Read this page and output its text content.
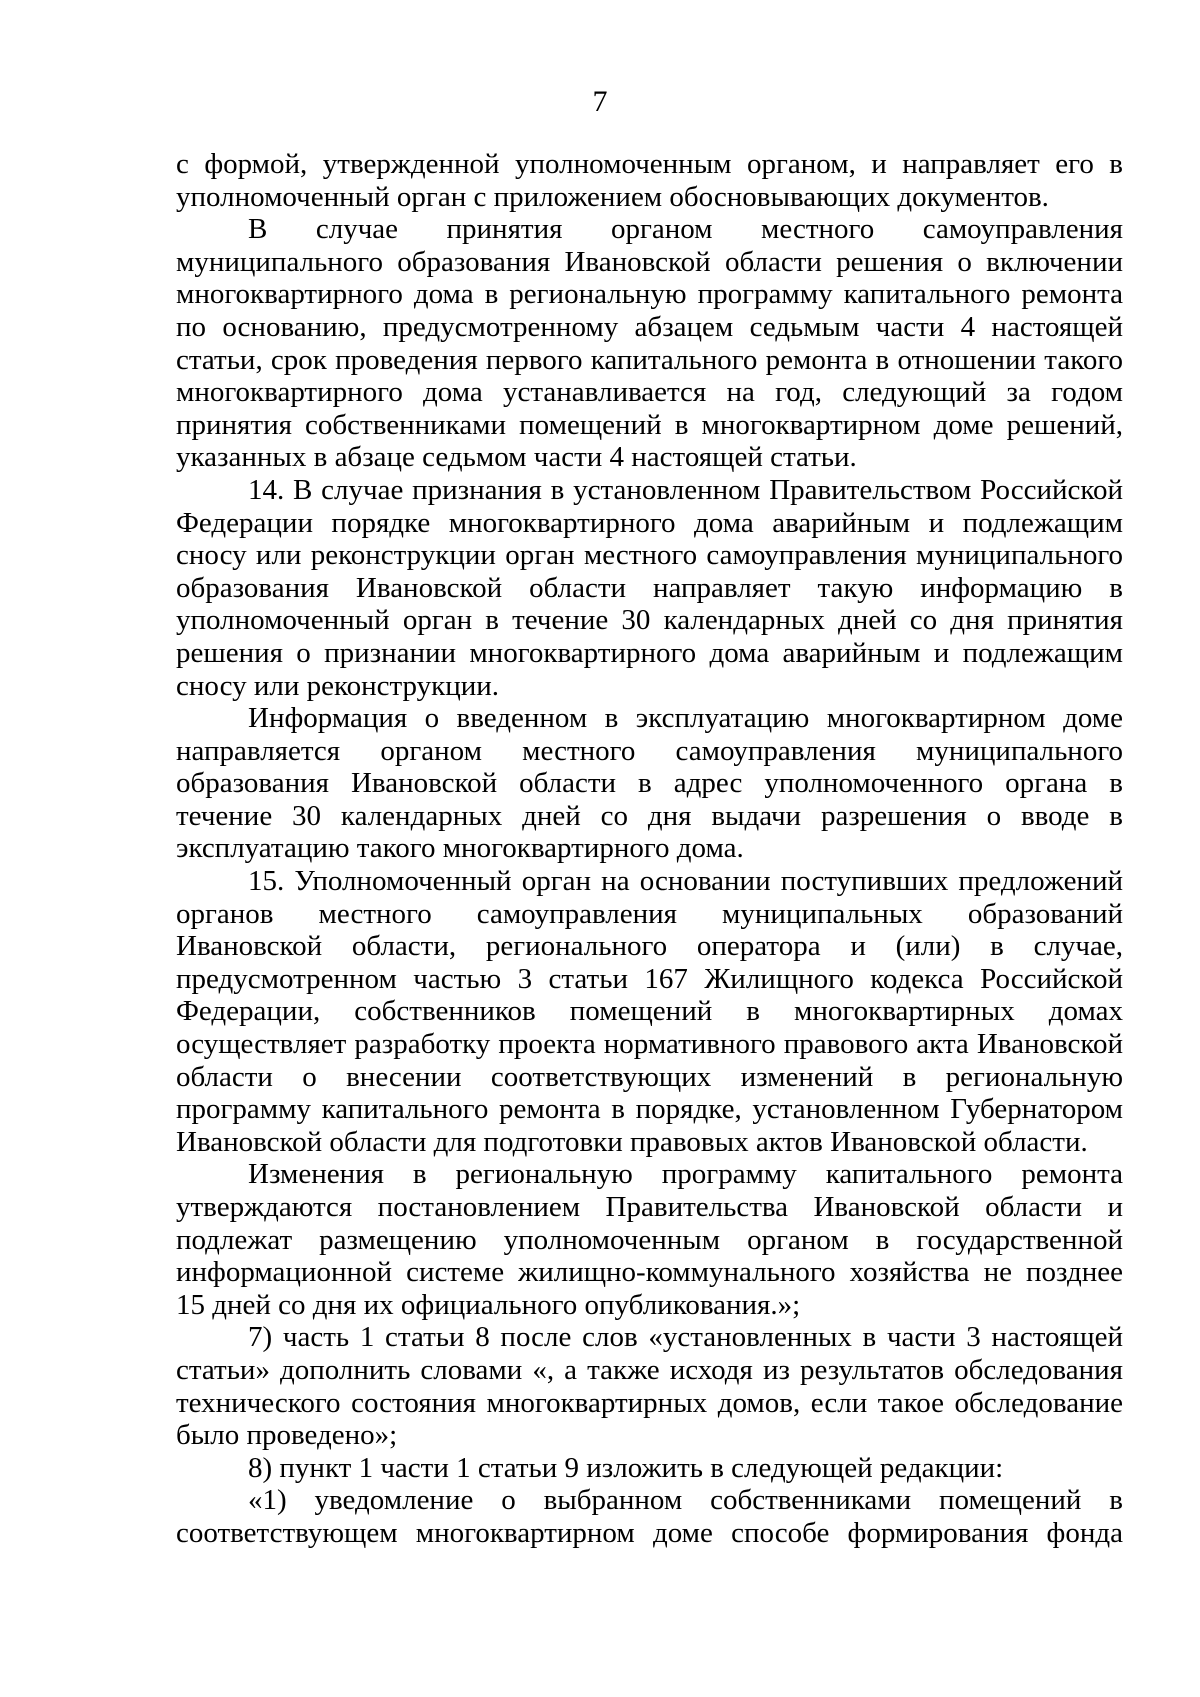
7

с формой, утвержденной уполномоченным органом, и направляет его в уполномоченный орган с приложением обосновывающих документов.

В случае принятия органом местного самоуправления муниципального образования Ивановской области решения о включении многоквартирного дома в региональную программу капитального ремонта по основанию, предусмотренному абзацем седьмым части 4 настоящей статьи, срок проведения первого капитального ремонта в отношении такого многоквартирного дома устанавливается на год, следующий за годом принятия собственниками помещений в многоквартирном доме решений, указанных в абзаце седьмом части 4 настоящей статьи.

14. В случае признания в установленном Правительством Российской Федерации порядке многоквартирного дома аварийным и подлежащим сносу или реконструкции орган местного самоуправления муниципального образования Ивановской области направляет такую информацию в уполномоченный орган в течение 30 календарных дней со дня принятия решения о признании многоквартирного дома аварийным и подлежащим сносу или реконструкции.

Информация о введенном в эксплуатацию многоквартирном доме направляется органом местного самоуправления муниципального образования Ивановской области в адрес уполномоченного органа в течение 30 календарных дней со дня выдачи разрешения о вводе в эксплуатацию такого многоквартирного дома.

15. Уполномоченный орган на основании поступивших предложений органов местного самоуправления муниципальных образований Ивановской области, регионального оператора и (или) в случае, предусмотренном частью 3 статьи 167 Жилищного кодекса Российской Федерации, собственников помещений в многоквартирных домах осуществляет разработку проекта нормативного правового акта Ивановской области о внесении соответствующих изменений в региональную программу капитального ремонта в порядке, установленном Губернатором Ивановской области для подготовки правовых актов Ивановской области.

Изменения в региональную программу капитального ремонта утверждаются постановлением Правительства Ивановской области и подлежат размещению уполномоченным органом в государственной информационной системе жилищно-коммунального хозяйства не позднее 15 дней со дня их официального опубликования.»;

7) часть 1 статьи 8 после слов «установленных в части 3 настоящей статьи» дополнить словами «, а также исходя из результатов обследования технического состояния многоквартирных домов, если такое обследование было проведено»;

8) пункт 1 части 1 статьи 9 изложить в следующей редакции:

«1) уведомление о выбранном собственниками помещений в соответствующем многоквартирном доме способе формирования фонда
